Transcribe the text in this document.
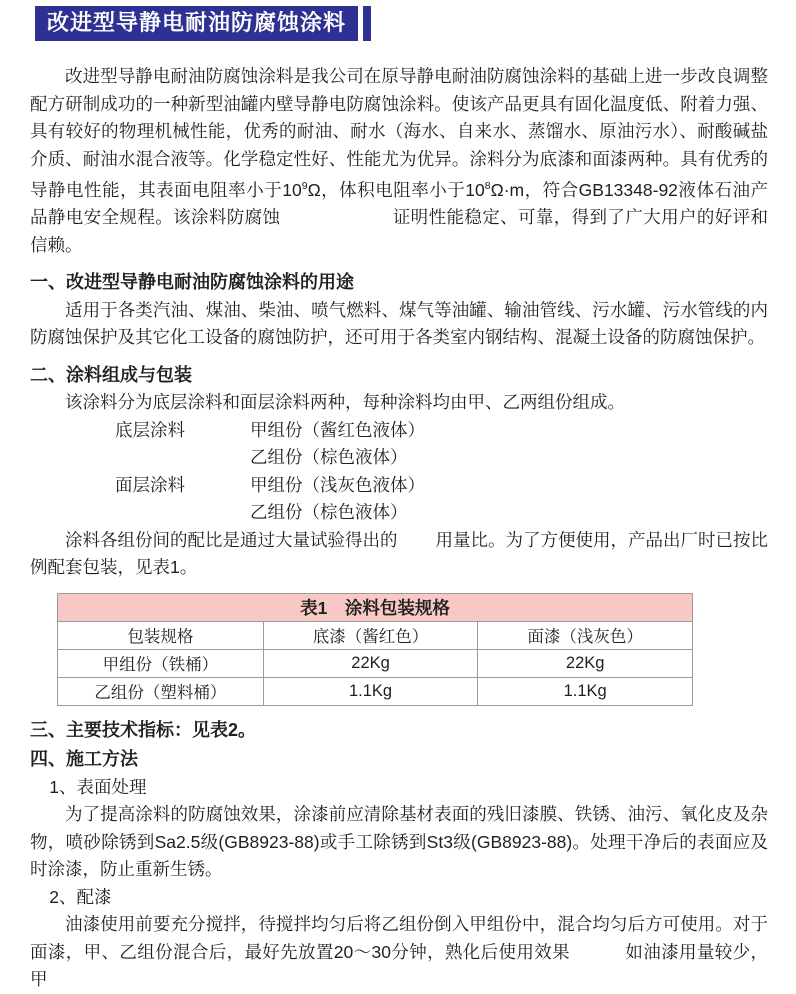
改进型导静电耐油防腐蚀涂料

改进型导静电耐油防腐蚀涂料是我公司在原导静电耐油防腐蚀涂料的基础上进一步改良调整配方研制成功的一种新型油罐内壁导静电防腐蚀涂料。使该产品更具有固化温度低、附着力强、具有较好的物理机械性能，优秀的耐油、耐水（海水、自来水、蒸馏水、原油污水）、耐酸碱盐介质、耐油水混合液等。化学稳定性好、性能尤为优异。涂料分为底漆和面漆两种。具有优秀的导静电性能，其表面电阻率小于$10^9\Omega$，体积电阻率小于$10^8\Omega\cdot m$，符合GB13348-92液体石油产品静电安全规程。该涂料防腐蚀	证明性能稳定、可靠，得到了广大用户的好评和信赖。

一、改进型导静电耐油防腐蚀涂料的用途

适用于各类汽油、煤油、柴油、喷气燃料、煤气等油罐、输油管线、污水罐、污水管线的内防腐蚀保护及其它化工设备的腐蚀防护，还可用于各类室内钢结构、混凝土设备的防腐蚀保护。

二、涂料组成与包装

该涂料分为底层涂料和面层涂料两种，每种涂料均由甲、乙两组份组成。

底层涂料	甲组份（酱红色液体）
乙组份（棕色液体）
面层涂料	甲组份（浅灰色液体）
乙组份（棕色液体）

涂料各组份间的配比是通过大量试验得出的 用量比。为了方便使用，产品出厂时已按比例配套包装，见表1。

表1　涂料包装规格		
包装规格	底漆（酱红色）	面漆（浅灰色）
甲组份（铁桶）	22Kg	22Kg
乙组份（塑料桶）	1.1Kg	1.1Kg
三、主要技术指标：见表2。
四、施工方法
1、表面处理

为了提高涂料的防腐蚀效果，涂漆前应清除基材表面的残旧漆膜、铁锈、油污、氧化皮及杂物，喷砂除锈到Sa2.5级(GB8923-88)或手工除锈到St3级(GB8923-88)。处理干净后的表面应及时涂漆，防止重新生锈。

2、配漆

油漆使用前要充分搅拌，待搅拌均匀后将乙组份倒入甲组份中，混合均匀后方可使用。对于面漆，甲、乙组份混合后，最好先放置20～30分钟，熟化后使用效果	如油漆用量较少，甲
